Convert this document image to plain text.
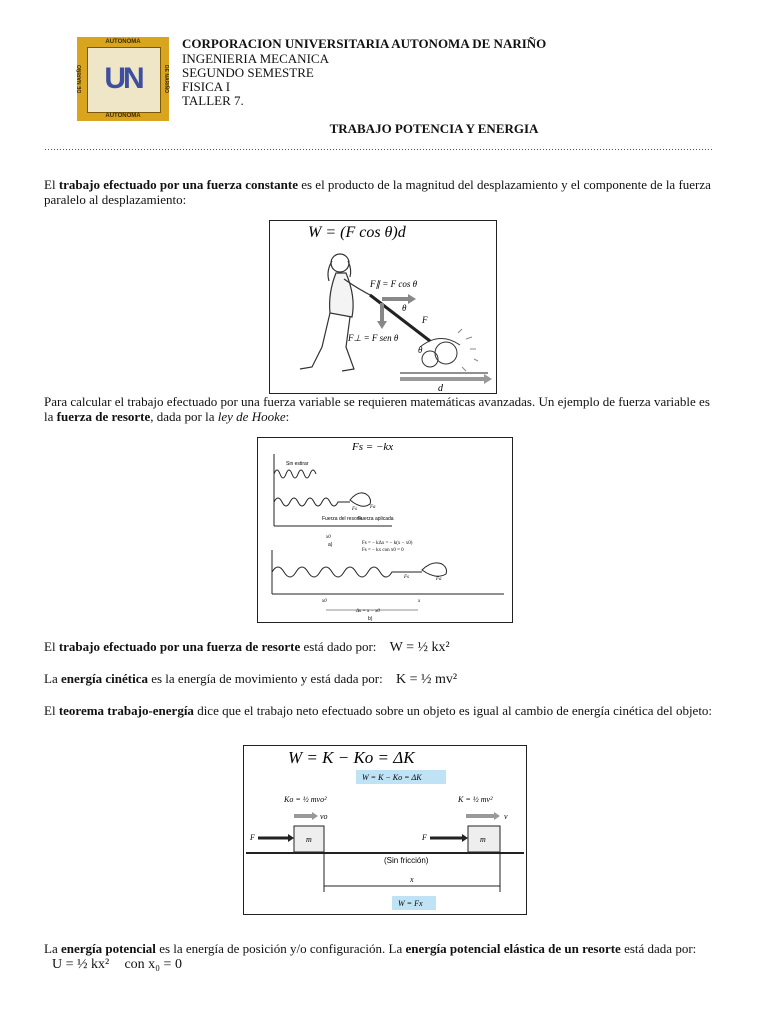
AUTONOMA
DE NARIÑO	DE NARIÑO
UN
AUTONOMA
CORPORACION UNIVERSITARIA AUTONOMA DE NARIÑO
INGENIERIA MECANICA
SEGUNDO SEMESTRE
FISICA I
TALLER 7.
TRABAJO POTENCIA Y ENERGIA
El trabajo efectuado por una fuerza constante es el producto de la magnitud del desplazamiento y el componente de la fuerza paralelo al desplazamiento:
W = (F cos θ)d
F∥ = F cos θ
θ
F
F⊥ = F sen θ
θ
d
Para calcular el trabajo efectuado por una fuerza variable se requieren matemáticas avanzadas. Un ejemplo de fuerza variable es la fuerza de resorte, dada por la ley de Hooke:
Fs = −kx
Sin estirar
Fs	Fa
Fuerza del resorte
Fuerza aplicada
x0
a)	Fs = − kΔx = − k(x − x0)
Fs = − kx con x0 = 0
Fs	Fa
x0	x
Δx = x − x0
b)
El trabajo efectuado por una fuerza de resorte está dado por: W = ½ kx²
La energía cinética es la energía de movimiento y está dada por: K = ½ mv²
El teorema trabajo-energía dice que el trabajo neto efectuado sobre un objeto es igual al cambio de energía cinética del objeto:
W = K − Ko = ΔK
W = K − Ko = ΔK
Ko = ½ mvo²	K = ½ mv²
vo	v
F	m	F	m
(Sin fricción)
x
W = Fx
La energía potencial es la energía de posición y/o configuración. La energía potencial elástica de un resorte está dada por: U = ½ kx² con x₀ = 0
